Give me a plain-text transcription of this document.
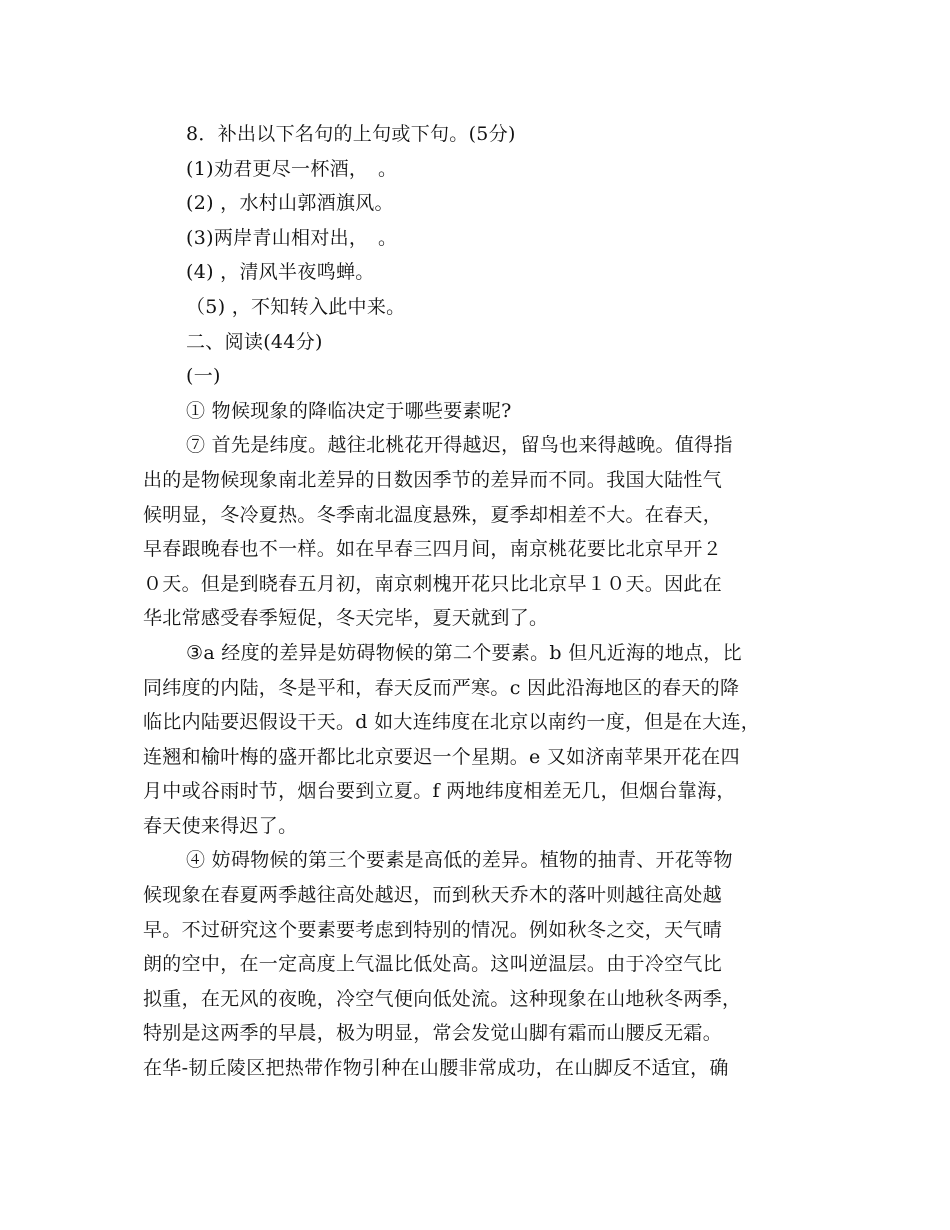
8．补出以下名句的上句或下句。(5分)
(1)劝君更尽一杯酒，　。
(2) ，水村山郭酒旗风。
(3)两岸青山相对出，　。
(4) ，清风半夜鸣蝉。
（5) ，不知转入此中来。
二、阅读(44分)
(一)
① 物候现象的降临决定于哪些要素呢?
⑦ 首先是纬度。越往北桃花开得越迟，留鸟也来得越晚。值得指
出的是物候现象南北差异的日数因季节的差异而不同。我国大陆性气
候明显，冬冷夏热。冬季南北温度悬殊，夏季却相差不大。在春天，
早春跟晚春也不一样。如在早春三四月间，南京桃花要比北京早开２
０天。但是到晓春五月初，南京刺槐开花只比北京早１０天。因此在
华北常感受春季短促，冬天完毕，夏天就到了。
③a 经度的差异是妨碍物候的第二个要素。b 但凡近海的地点，比
同纬度的内陆，冬是平和，春天反而严寒。c 因此沿海地区的春天的降
临比内陆要迟假设干天。d 如大连纬度在北京以南约一度，但是在大连，
连翘和榆叶梅的盛开都比北京要迟一个星期。e 又如济南苹果开花在四
月中或谷雨时节，烟台要到立夏。f 两地纬度相差无几，但烟台靠海，
春天使来得迟了。
④ 妨碍物候的第三个要素是高低的差异。植物的抽青、开花等物
候现象在春夏两季越往高处越迟，而到秋天乔木的落叶则越往高处越
早。不过研究这个要素要考虑到特别的情况。例如秋冬之交，天气晴
朗的空中，在一定高度上气温比低处高。这叫逆温层。由于冷空气比
拟重，在无风的夜晚，冷空气便向低处流。这种现象在山地秋冬两季，
特别是这两季的早晨，极为明显，常会发觉山脚有霜而山腰反无霜。
在华-韧丘陵区把热带作物引种在山腰非常成功，在山脚反不适宜，确
